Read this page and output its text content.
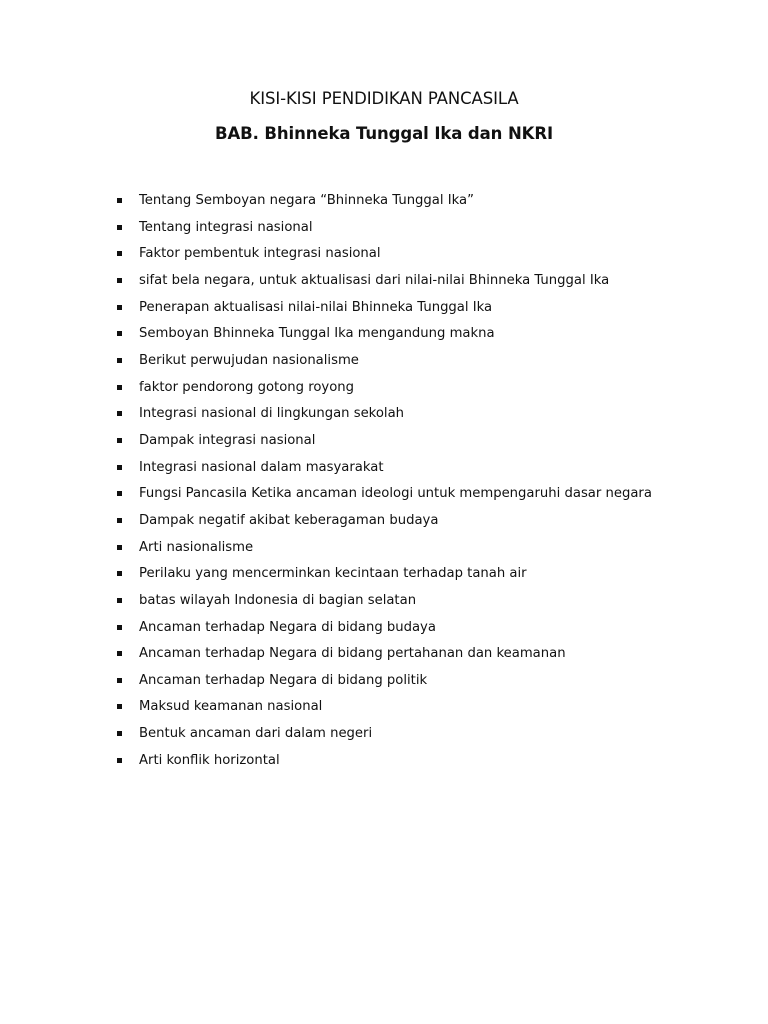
KISI-KISI PENDIDIKAN PANCASILA
BAB. Bhinneka Tunggal Ika dan NKRI
Tentang Semboyan negara “Bhinneka Tunggal Ika”
Tentang integrasi nasional
Faktor pembentuk integrasi nasional
sifat bela negara, untuk aktualisasi dari nilai-nilai Bhinneka Tunggal Ika
Penerapan aktualisasi nilai-nilai Bhinneka Tunggal Ika
Semboyan Bhinneka Tunggal Ika mengandung makna
Berikut perwujudan nasionalisme
faktor pendorong gotong royong
Integrasi nasional di lingkungan sekolah
Dampak integrasi nasional
Integrasi nasional dalam masyarakat
Fungsi Pancasila Ketika ancaman ideologi untuk mempengaruhi dasar negara
Dampak negatif akibat keberagaman budaya
Arti nasionalisme
Perilaku yang mencerminkan kecintaan terhadap tanah air
batas wilayah Indonesia di bagian selatan
Ancaman terhadap Negara di bidang budaya
Ancaman terhadap Negara di bidang pertahanan dan keamanan
Ancaman terhadap Negara di bidang politik
Maksud keamanan nasional
Bentuk ancaman dari dalam negeri
Arti konflik horizontal
